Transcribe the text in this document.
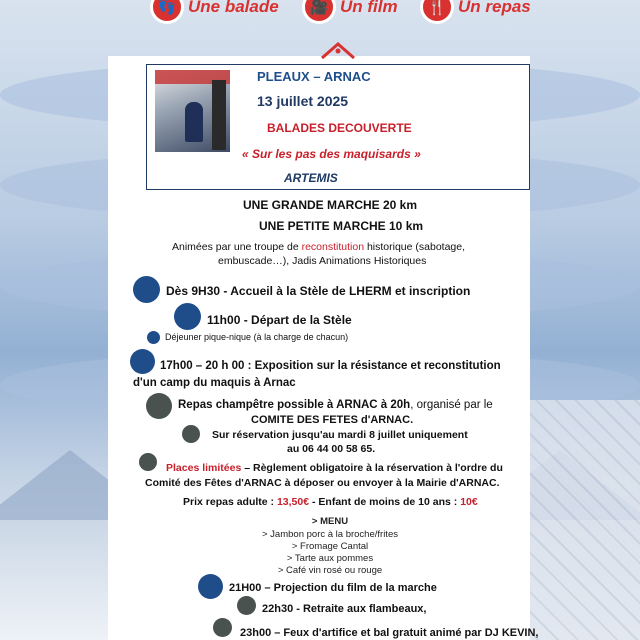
👣 Une balade 🎥 Un film 🍴 Un repas
PLEAUX – ARNAC
13 juillet 2025
BALADES DECOUVERTE
« Sur les pas des maquisards »
ARTEMIS
UNE GRANDE MARCHE 20 km
UNE PETITE MARCHE 10 km
Animées par une troupe de reconstitution historique (sabotage,
embuscade…), Jadis Animations Historiques
Dès 9H30 - Accueil à la Stèle de LHERM et inscription
11h00 - Départ de la Stèle
Déjeuner pique-nique (à la charge de chacun)
17h00 – 20 h 00 : Exposition sur la résistance et reconstitution
d'un camp du maquis à Arnac
Repas champêtre possible à ARNAC à 20h, organisé par le
COMITE DES FETES d'ARNAC.
Sur réservation jusqu'au mardi 8 juillet uniquement
au 06 44 00 58 65.
Places limitées – Règlement obligatoire à la réservation à l'ordre du
Comité des Fêtes d'ARNAC à déposer ou envoyer à la Mairie d'ARNAC.
Prix repas adulte : 13,50€ - Enfant de moins de 10 ans : 10€
> MENU
> Jambon porc à la broche/frites
> Fromage Cantal
> Tarte aux pommes
> Café vin rosé ou rouge
21H00 – Projection du film de la marche
22h30 - Retraite aux flambeaux,
23h00 – Feux d'artifice et bal gratuit animé par DJ KEVIN,
